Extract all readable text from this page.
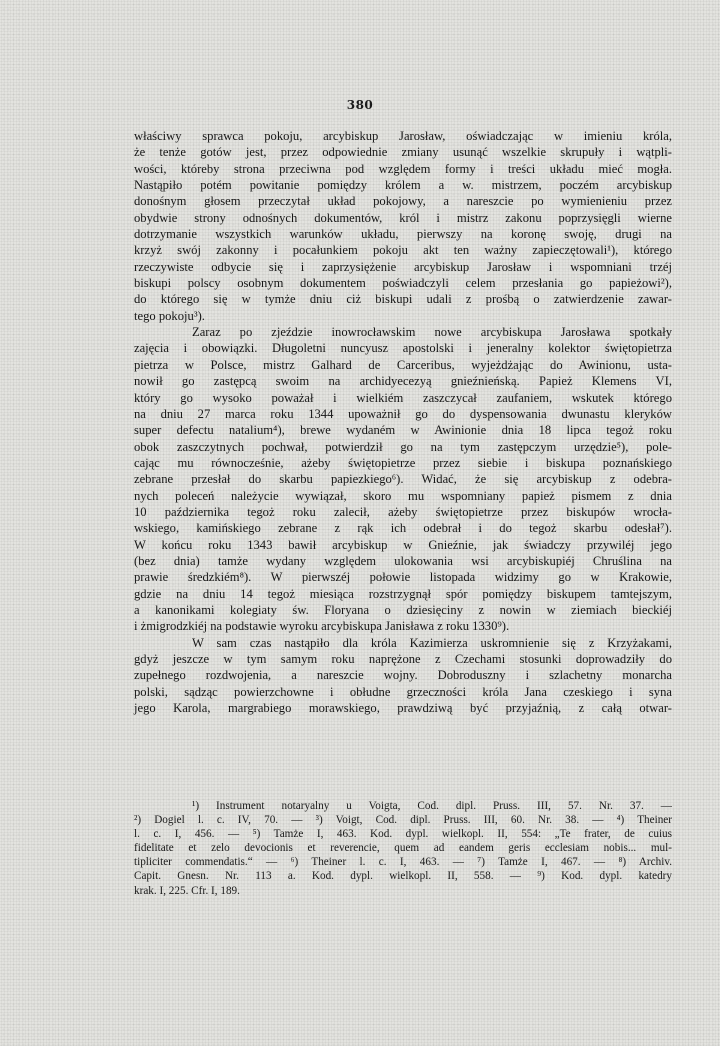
380
właściwy sprawca pokoju, arcybiskup Jarosław, oświadczając w imieniu króla,
że tenże gotów jest, przez odpowiednie zmiany usunąć wszelkie skrupuły i wątpli-
wości, któreby strona przeciwna pod względem formy i treści układu mieć mogła.
Nastąpiło potém powitanie pomiędzy królem a w. mistrzem, poczém arcybiskup
donośnym głosem przeczytał układ pokojowy, a nareszcie po wymienieniu przez
obydwie strony odnośnych dokumentów, król i mistrz zakonu poprzysięgli wierne
dotrzymanie wszystkich warunków układu, pierwszy na koronę swoję, drugi na
krzyż swój zakonny i pocałunkiem pokoju akt ten ważny zapieczętowali¹), którego
rzeczywiste odbycie się i zaprzysiężenie arcybiskup Jarosław i wspomniani trzéj
biskupi polscy osobnym dokumentem poświadczyli celem przesłania go papieżowi²),
do którego się w tymże dniu ciż biskupi udali z prośbą o zatwierdzenie zawar-
tego pokoju³).
Zaraz po zjeździe inowrocławskim nowe arcybiskupa Jarosława spotkały
zajęcia i obowiązki. Długoletni nuncyusz apostolski i jeneralny kolektor świętopietrza
pietrza w Polsce, mistrz Galhard de Carceribus, wyjeżdżając do Awinionu, usta-
nowił go zastępcą swoim na archidyecezyą gnieźnieńską. Papież Klemens VI,
który go wysoko poważał i wielkiém zaszczycał zaufaniem, wskutek którego
na dniu 27 marca roku 1344 upoważnił go do dyspensowania dwunastu kleryków
super defectu natalium⁴), brewe wydaném w Awinionie dnia 18 lipca tegoż roku
obok zaszczytnych pochwał, potwierdził go na tym zastępczym urzędzie⁵), pole-
cając mu równocześnie, ażeby świętopietrze przez siebie i biskupa poznańskiego
zebrane przesłał do skarbu papiezkiego⁶). Widać, że się arcybiskup z odebra-
nych poleceń należycie wywiązał, skoro mu wspomniany papież pismem z dnia
10 października tegoż roku zalecił, ażeby świętopietrze przez biskupów wrocła-
wskiego, kamińskiego zebrane z rąk ich odebrał i do tegoż skarbu odesłał⁷).
W końcu roku 1343 bawił arcybiskup w Gnieźnie, jak świadczy przywiléj jego
(bez dnia) tamże wydany względem ulokowania wsi arcybiskupiéj Chruślina na
prawie średzkiém⁸). W pierwszéj połowie listopada widzimy go w Krakowie,
gdzie na dniu 14 tegoż miesiąca rozstrzygnął spór pomiędzy biskupem tamtejszym,
a kanonikami kolegiaty św. Floryana o dziesięciny z nowin w ziemiach bieckiéj
i żmigrodzkiéj na podstawie wyroku arcybiskupa Janisława z roku 1330⁹).
W sam czas nastąpiło dla króla Kazimierza uskromnienie się z Krzyżakami,
gdyż jeszcze w tym samym roku naprężone z Czechami stosunki doprowadziły do
zupełnego rozdwojenia, a nareszcie wojny. Dobroduszny i szlachetny monarcha
polski, sądząc powierzchowne i obłudne grzeczności króla Jana czeskiego i syna
jego Karola, margrabiego morawskiego, prawdziwą być przyjaźnią, z całą otwar-
¹) Instrument notaryalny u Voigta, Cod. dipl. Pruss. III, 57. Nr. 37. —
²) Dogiel l. c. IV, 70. — ³) Voigt, Cod. dipl. Pruss. III, 60. Nr. 38. — ⁴) Theiner
l. c. I, 456. — ⁵) Tamże I, 463. Kod. dypl. wielkopl. II, 554: „Te frater, de cuius
fidelitate et zelo devocionis et reverencie, quem ad eandem geris ecclesiam nobis... mul-
tipliciter commendatis.“ — ⁶) Theiner l. c. I, 463. — ⁷) Tamże I, 467. — ⁸) Archiv.
Capit. Gnesn. Nr. 113 a. Kod. dypl. wielkopl. II, 558. — ⁹) Kod. dypl. katedry
krak. I, 225. Cfr. I, 189.
